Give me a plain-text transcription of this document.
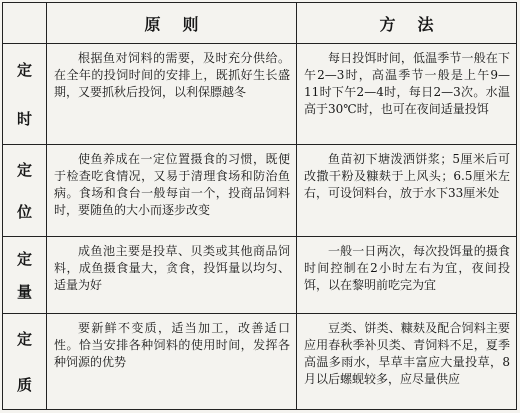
	原则	方法

定
时	根据鱼对饲料的需要，及时充分供给。在全年的投饲时间的安排上，既抓好生长盛期，又要抓秋后投饲，以利保膘越冬	每日投饵时间，低温季节一般在下午2—3时，高温季节一般是上午9—11时下午2—4时，每日2—3次。水温高于30℃时，也可在夜间适量投饵

定
位	使鱼养成在一定位置摄食的习惯，既便于检查吃食情况，又易于清理食场和防治鱼病。食场和食台一般每亩一个，投商品饲料时，要随鱼的大小而逐步改变	鱼苗初下塘泼洒饼浆；5厘米后可改撒干粉及糠麸于上风头；6.5厘米左右，可设饲料台，放于水下33厘米处

定
量	成鱼池主要是投草、贝类或其他商品饲料，成鱼摄食量大，贪食，投饵量以均匀、适量为好	一般一日两次，每次投饵量的摄食时间控制在2小时左右为宜，夜间投饵，以在黎明前吃完为宜

定
质	要新鲜不变质，适当加工，改善适口性。恰当安排各种饲料的使用时间，发挥各种饲源的优势	豆类、饼类、糠麸及配合饲料主要应用春秋季补贝类、青饲料不足，夏季高温多雨水，旱草丰富应大量投草，8月以后螺蚬较多，应尽量供应
